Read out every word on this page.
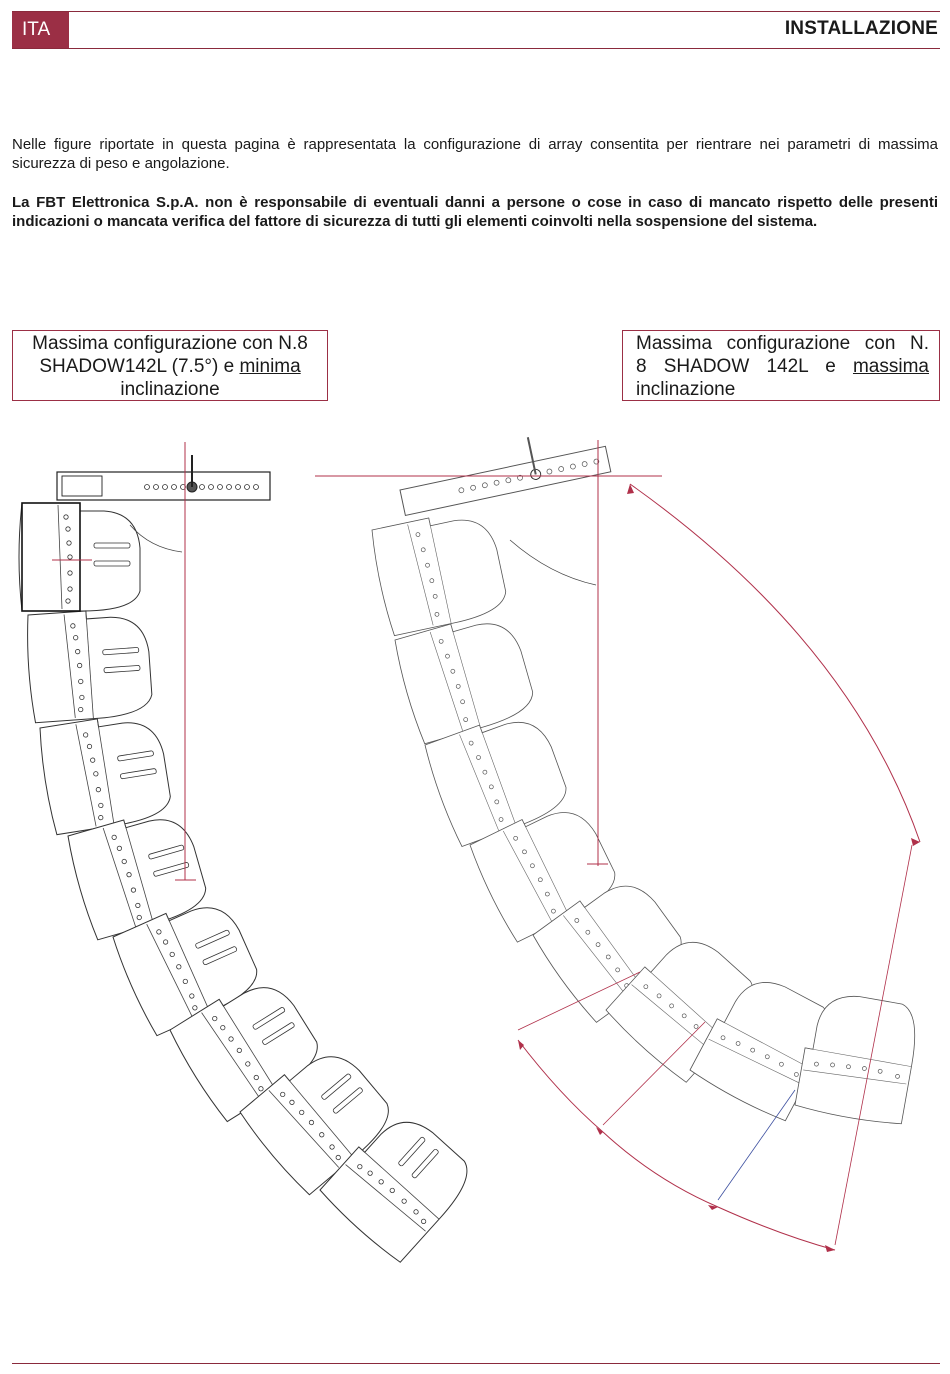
ITA	INSTALLAZIONE
Nelle figure riportate in questa pagina è rappresentata la configurazione di array consentita per rientrare nei parametri di massima sicurezza di peso e angolazione.
La FBT Elettronica S.p.A. non è responsabile di eventuali danni a persone o cose in caso di mancato rispetto delle presenti indicazioni o mancata verifica del fattore di sicurezza di tutti gli elementi coinvolti nella sospensione del sistema.
Massima configurazione con N.8 SHADOW142L (7.5°) e minima inclinazione
Massima configurazione con N.
8 SHADOW 142L e massima
inclinazione
